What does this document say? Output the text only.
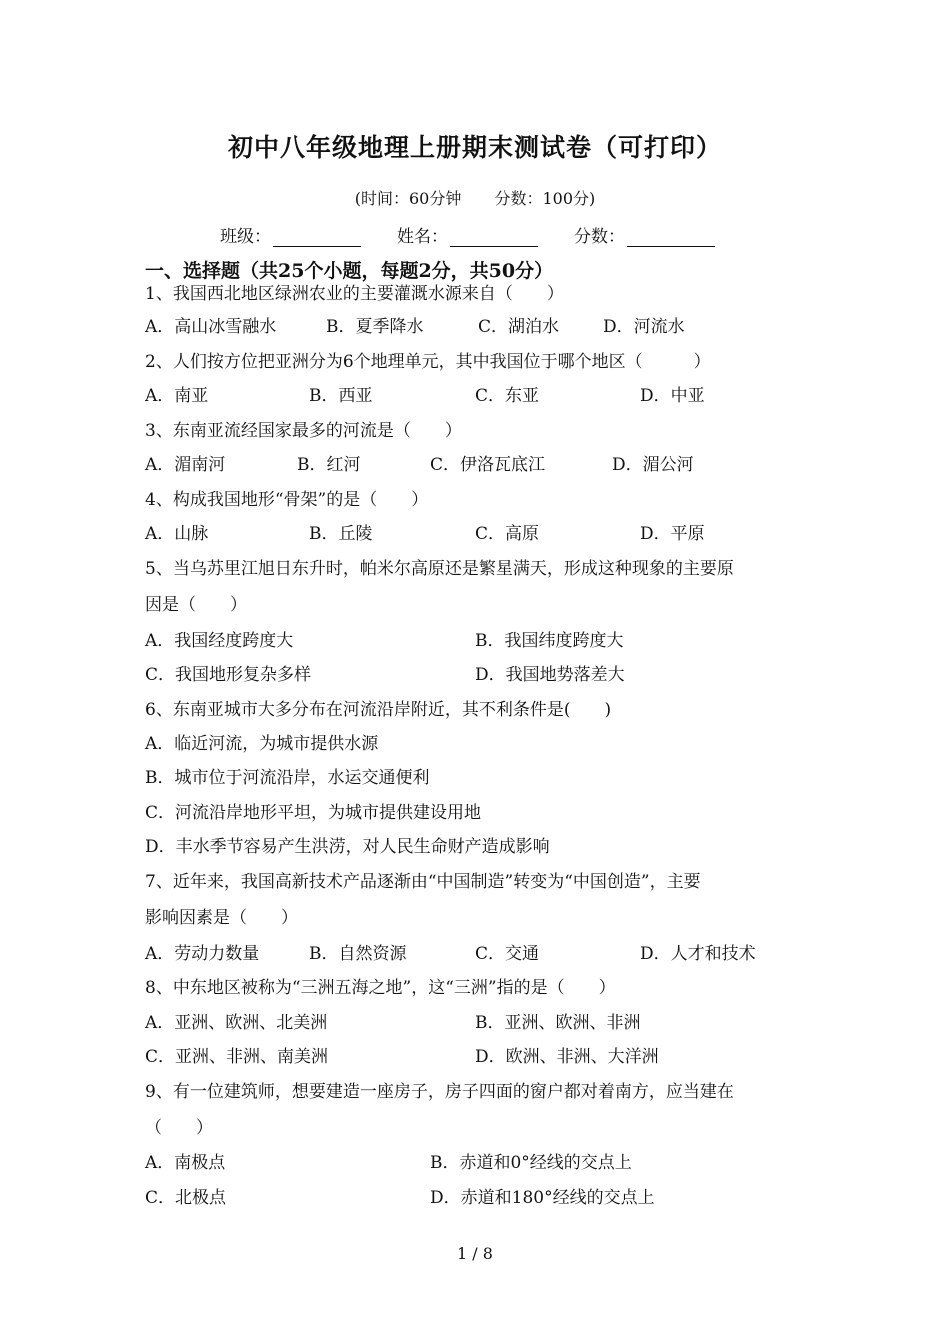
初中八年级地理上册期末测试卷（可打印）
(时间：60分钟 分数：100分)
班级：	姓名：	分数：
一、选择题（共25个小题，每题2分，共50分）
1、我国西北地区绿洲农业的主要灌溉水源来自（　　）
A．高山冰雪融水	B．夏季降水	C．湖泊水	D．河流水
2、人们按方位把亚洲分为6个地理单元，其中我国位于哪个地区（　　　）
A．南亚	B．西亚	C．东亚	D．中亚
3、东南亚流经国家最多的河流是（　　）
A．湄南河	B．红河	C．伊洛瓦底江	D．湄公河
4、构成我国地形“骨架”的是（　　）
A．山脉	B．丘陵	C．高原	D．平原
5、当乌苏里江旭日东升时，帕米尔高原还是繁星满天，形成这种现象的主要原
因是（　　）
A．我国经度跨度大	B．我国纬度跨度大
C．我国地形复杂多样	D．我国地势落差大
6、东南亚城市大多分布在河流沿岸附近，其不利条件是(　　)
A．临近河流，为城市提供水源
B．城市位于河流沿岸，水运交通便利
C．河流沿岸地形平坦，为城市提供建设用地
D．丰水季节容易产生洪涝，对人民生命财产造成影响
7、近年来，我国高新技术产品逐渐由“中国制造”转变为“中国创造”，主要
影响因素是（　　）
A．劳动力数量	B．自然资源	C．交通	D．人才和技术
8、中东地区被称为“三洲五海之地”，这“三洲”指的是（　　）
A．亚洲、欧洲、北美洲	B．亚洲、欧洲、非洲
C．亚洲、非洲、南美洲	D．欧洲、非洲、大洋洲
9、有一位建筑师，想要建造一座房子，房子四面的窗户都对着南方，应当建在
（　　）
A．南极点	B．赤道和0°经线的交点上
C．北极点	D．赤道和180°经线的交点上
1 / 8
